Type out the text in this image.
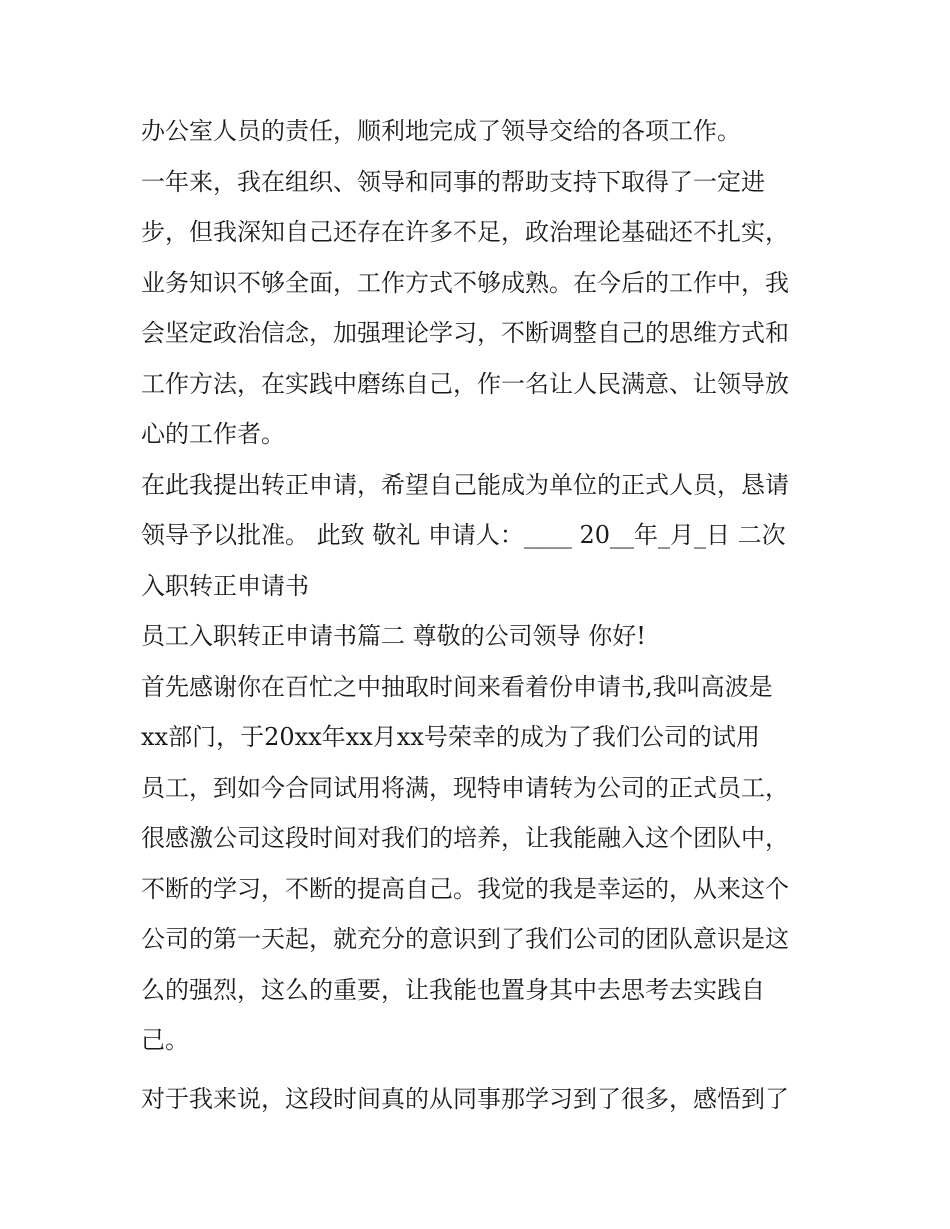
办公室人员的责任，顺利地完成了领导交给的各项工作。
一年来，我在组织、领导和同事的帮助支持下取得了一定进
步，但我深知自己还存在许多不足，政治理论基础还不扎实，
业务知识不够全面，工作方式不够成熟。在今后的工作中，我
会坚定政治信念，加强理论学习，不断调整自己的思维方式和
工作方法，在实践中磨练自己，作一名让人民满意、让领导放
心的工作者。
在此我提出转正申请，希望自己能成为单位的正式人员，恳请
领导予以批准。 此致 敬礼 申请人：____ 20__年_月_日 二次
入职转正申请书
员工入职转正申请书篇二 尊敬的公司领导 你好!
首先感谢你在百忙之中抽取时间来看着份申请书,我叫高波是
xx部门，于20xx年xx月xx号荣幸的成为了我们公司的试用
员工，到如今合同试用将满，现特申请转为公司的正式员工，
很感激公司这段时间对我们的培养，让我能融入这个团队中，
不断的学习，不断的提高自己。我觉的我是幸运的，从来这个
公司的第一天起，就充分的意识到了我们公司的团队意识是这
么的强烈，这么的重要，让我能也置身其中去思考去实践自
己。
对于我来说，这段时间真的从同事那学习到了很多，感悟到了
